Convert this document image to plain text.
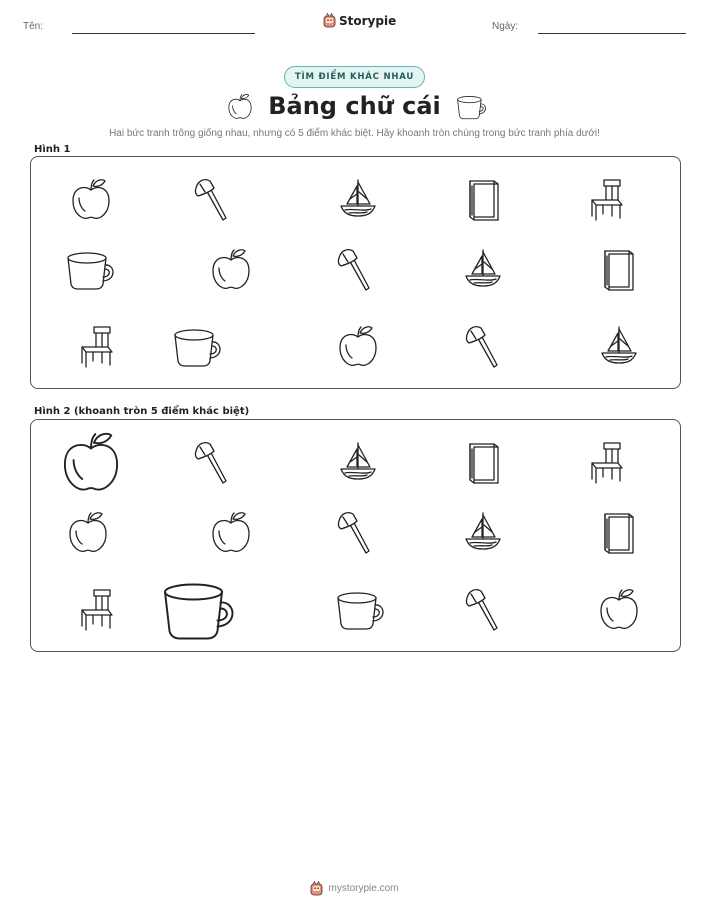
Tên:	Storypie	Ngày:
TÌM ĐIỂM KHÁC NHAU
Bảng chữ cái
Hai bức tranh trông giống nhau, nhưng có 5 điểm khác biệt. Hãy khoanh tròn chúng trong bức tranh phía dưới!
Hình 1
Hình 2 (khoanh tròn 5 điểm khác biệt)
mystorypie.com
